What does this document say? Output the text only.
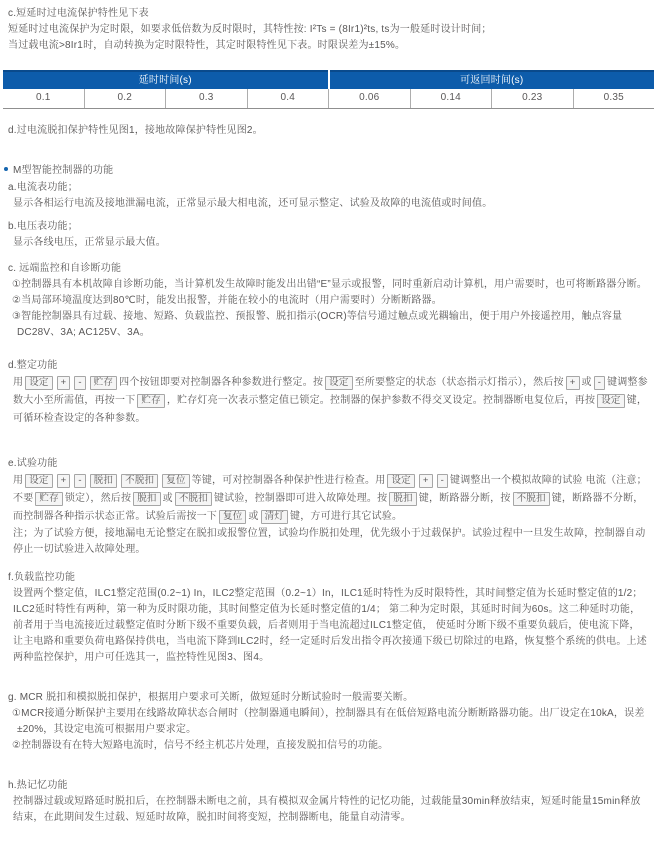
c.短延时过电流保护特性见下表

短延时过电流保护为定时限，如要求低倍数为反时限时，其特性按: I²Ts = (8Ir1)²ts, ts为一般延时设计时间；

当过载电流>8Ir1时，自动转换为定时限特性，其定时限特性见下表。时限误差为±15%。

延时时间(s)	可返回时间(s)
0.1	0.2	0.3	0.4	0.06	0.14	0.23	0.35

d.过电流脱扣保护特性见图1，接地故障保护特性见图2。

M型智能控制器的功能

a.电流表功能；

显示各相运行电流及接地泄漏电流，正常显示最大相电流，还可显示整定、试验及故障的电流值或时间值。

b.电压表功能；

显示各线电压，正常显示最大值。

c. 远端监控和自诊断功能

①控制器具有本机故障自诊断功能，当计算机发生故障时能发出出错“E”显示或报警，同时重新启动计算机，用户需要时，也可将断路器分断。

②当局部环境温度达到80℃时，能发出报警，并能在较小的电流时（用户需要时）分断断路器。

③智能控制器具有过载、接地、短路、负载监控、预报警、脱扣指示(OCR)等信号通过触点或光耦输出，便于用户外接遥控用，触点容量DC28V、3A; AC125V、3A。

d.整定功能

用 设定 + - 贮存 四个按钮即要对控制器各种参数进行整定。按 设定 至所要整定的状态（状态指示灯指示），然后按 + 或 - 键调整参数大小至所需值，再按一下 贮存 ，贮存灯亮一次表示整定值已锁定。控制器的保护参数不得交叉设定。控制器断电复位后，再按 设定 键，可循环检查设定的各种参数。

e.试验功能

用 设定 + - 脱扣 不脱扣 复位 等键，可对控制器各种保护性进行检查。用 设定 + - 键调整出一个模拟故障的试验 电流（注意；不要 贮存 锁定），然后按 脱扣 或 不脱扣 键试验，控制器即可进入故障处理。按 脱扣 键，断路器分断，按 不脱扣 键，断路器不分断，而控制器各种指示状态正常。试验后需按一下 复位 或 清灯 键，方可进行其它试验。

注；为了试验方便，接地漏电无论整定在脱扣或报警位置，试验均作脱扣处理，优先级小于过载保护。试验过程中一旦发生故障，控制器自动停止一切试验进入故障处理。

f.负载监控功能

设置两个整定值，ILC1整定范围(0.2~1) In，ILC2整定范围（0.2~1）In，ILC1延时特性为反时限特性，其时间整定值为长延时整定值的1/2；ILC2延时特性有两种，第一种为反时限功能，其时间整定值为长延时整定值的1/4； 第二种为定时限，其延时时间为60s。这二种延时功能，前者用于当电流接近过载整定值时分断下级不重要负载，后者则用于当电流超过ILC1整定值， 使延时分断下级不重要负载后，使电流下降，让主电路和重要负荷电路保持供电，当电流下降到ILC2时，经一定延时后发出指令再次接通下级已切除过的电路，恢复整个系统的供电。上述两种监控保护，用户可任选其一，监控特性见图3、图4。

g. MCR 脱扣和模拟脱扣保护，根据用户要求可关断，做短延时分断试验时一般需要关断。

①MCR接通分断保护主要用在线路故障状态合闸时（控制器通电瞬间），控制器具有在低倍短路电流分断断路器功能。出厂设定在10kA，误差±20%，其设定电流可根据用户要求定。

②控制器设有在特大短路电流时，信号不经主机芯片处理，直接发脱扣信号的功能。

h.热记忆功能

控制器过载或短路延时脱扣后，在控制器未断电之前，具有模拟双金属片特性的记忆功能，过载能量30min释放结束，短延时能量15min释放结束，在此期间发生过载、短延时故障，脱扣时间将变短，控制器断电，能量自动清零。
